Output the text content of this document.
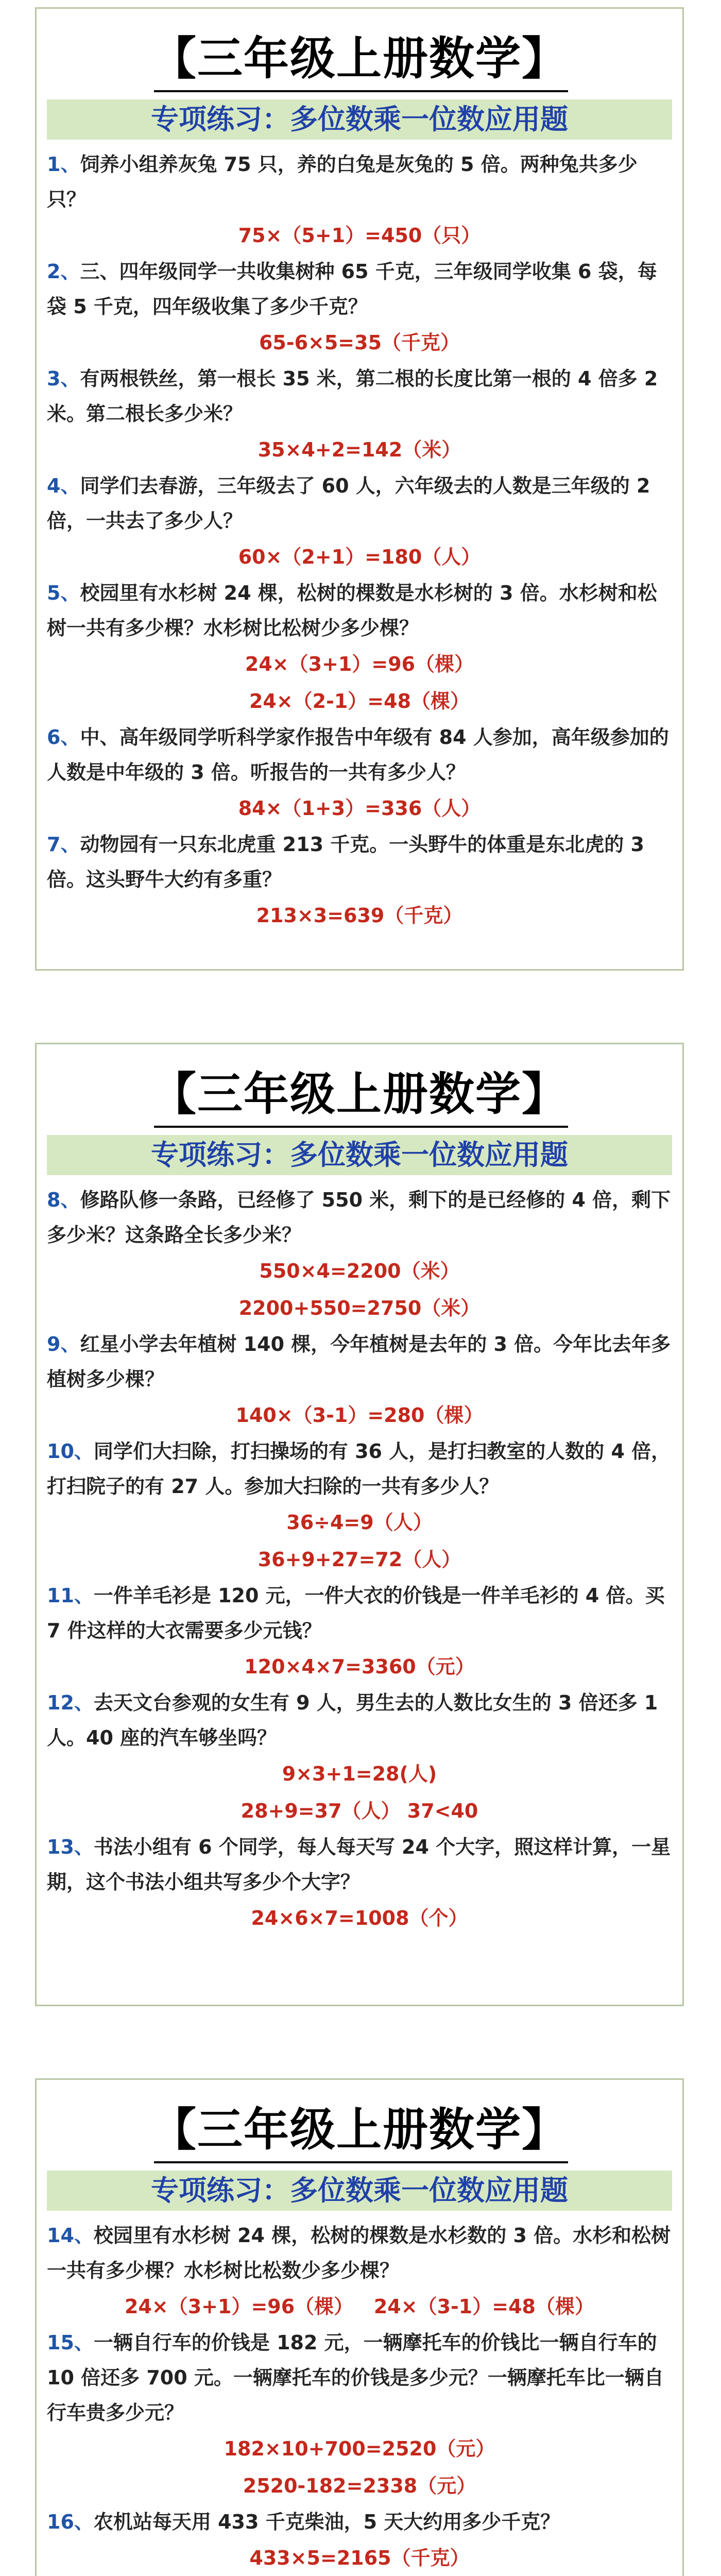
【三年级上册数学】
专项练习：多位数乘一位数应用题

1、饲养小组养灰兔 75 只，养的白兔是灰兔的 5 倍。两种兔共多少只？

75×（5+1）=450（只）

2、三、四年级同学一共收集树种 65 千克，三年级同学收集 6 袋，每袋 5 千克，四年级收集了多少千克？

65-6×5=35（千克）

3、有两根铁丝，第一根长 35 米，第二根的长度比第一根的 4 倍多 2 米。第二根长多少米？

35×4+2=142（米）

4、同学们去春游，三年级去了 60 人，六年级去的人数是三年级的 2 倍，一共去了多少人？

60×（2+1）=180（人）

5、校园里有水杉树 24 棵，松树的棵数是水杉树的 3 倍。水杉树和松树一共有多少棵？水杉树比松树少多少棵？

24×（3+1）=96（棵）

24×（2-1）=48（棵）

6、中、高年级同学听科学家作报告中年级有 84 人参加，高年级参加的人数是中年级的 3 倍。听报告的一共有多少人？

84×（1+3）=336（人）

7、动物园有一只东北虎重 213 千克。一头野牛的体重是东北虎的 3 倍。这头野牛大约有多重？

213×3=639（千克）

【三年级上册数学】
专项练习：多位数乘一位数应用题

8、修路队修一条路，已经修了 550 米，剩下的是已经修的 4 倍，剩下多少米？这条路全长多少米？

550×4=2200（米）

2200+550=2750（米）

9、红星小学去年植树 140 棵，今年植树是去年的 3 倍。今年比去年多植树多少棵？

140×（3-1）=280（棵）

10、同学们大扫除，打扫操场的有 36 人，是打扫教室的人数的 4 倍，打扫院子的有 27 人。参加大扫除的一共有多少人？

36÷4=9（人）

36+9+27=72（人）

11、一件羊毛衫是 120 元，一件大衣的价钱是一件羊毛衫的 4 倍。买 7 件这样的大衣需要多少元钱？

120×4×7=3360（元）

12、去天文台参观的女生有 9 人，男生去的人数比女生的 3 倍还多 1 人。40 座的汽车够坐吗？

9×3+1=28(人)

28+9=37（人） 37<40

13、书法小组有 6 个同学，每人每天写 24 个大字，照这样计算，一星期，这个书法小组共写多少个大字？

24×6×7=1008（个）

【三年级上册数学】
专项练习：多位数乘一位数应用题

14、校园里有水杉树 24 棵，松树的棵数是水杉数的 3 倍。水杉和松树一共有多少棵？水杉树比松数少多少棵？

24×（3+1）=96（棵）   24×（3-1）=48（棵）

15、一辆自行车的价钱是 182 元，一辆摩托车的价钱比一辆自行车的 10 倍还多 700 元。一辆摩托车的价钱是多少元？一辆摩托车比一辆自行车贵多少元？

182×10+700=2520（元）

2520-182=2338（元）

16、农机站每天用 433 千克柴油，5 天大约用多少千克？

433×5=2165（千克）
